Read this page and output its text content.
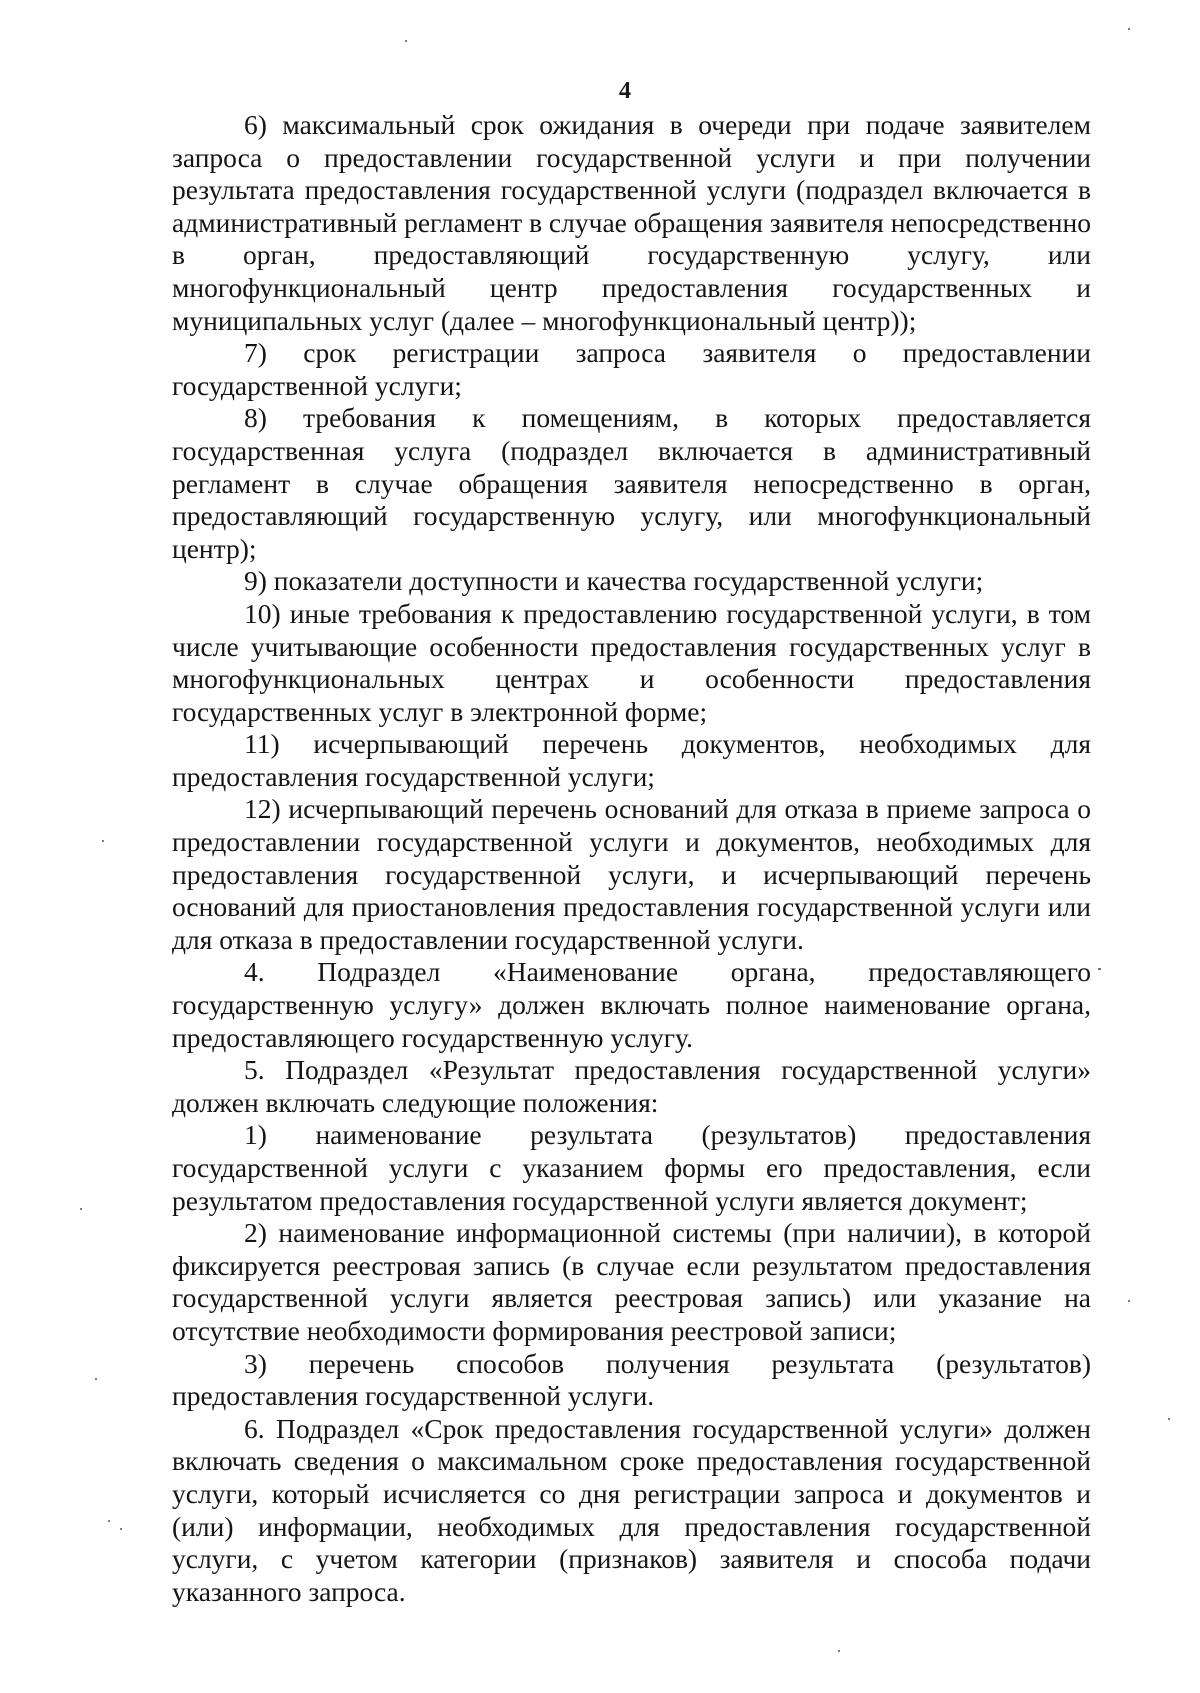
4

6) максимальный срок ожидания в очереди при подаче заявителем запроса о предоставлении государственной услуги и при получении результата предоставления государственной услуги (подраздел включается в административный регламент в случае обращения заявителя непосредственно в орган, предоставляющий государственную услугу, или многофункциональный центр предоставления государственных и муниципальных услуг (далее – многофункциональный центр));

7) срок регистрации запроса заявителя о предоставлении государственной услуги;

8) требования к помещениям, в которых предоставляется государственная услуга (подраздел включается в административный регламент в случае обращения заявителя непосредственно в орган, предоставляющий государственную услугу, или многофункциональный центр);

9) показатели доступности и качества государственной услуги;

10) иные требования к предоставлению государственной услуги, в том числе учитывающие особенности предоставления государственных услуг в многофункциональных центрах и особенности предоставления государственных услуг в электронной форме;

11) исчерпывающий перечень документов, необходимых для предоставления государственной услуги;

12) исчерпывающий перечень оснований для отказа в приеме запроса о предоставлении государственной услуги и документов, необходимых для предоставления государственной услуги, и исчерпывающий перечень оснований для приостановления предоставления государственной услуги или для отказа в предоставлении государственной услуги.

4. Подраздел «Наименование органа, предоставляющего государственную услугу» должен включать полное наименование органа, предоставляющего государственную услугу.

5. Подраздел «Результат предоставления государственной услуги» должен включать следующие положения:

1) наименование результата (результатов) предоставления государственной услуги с указанием формы его предоставления, если результатом предоставления государственной услуги является документ;

2) наименование информационной системы (при наличии), в которой фиксируется реестровая запись (в случае если результатом предоставления государственной услуги является реестровая запись) или указание на отсутствие необходимости формирования реестровой записи;

3) перечень способов получения результата (результатов) предоставления государственной услуги.

6. Подраздел «Срок предоставления государственной услуги» должен включать сведения о максимальном сроке предоставления государственной услуги, который исчисляется со дня регистрации запроса и документов и (или) информации, необходимых для предоставления государственной услуги, с учетом категории (признаков) заявителя и способа подачи указанного запроса.
